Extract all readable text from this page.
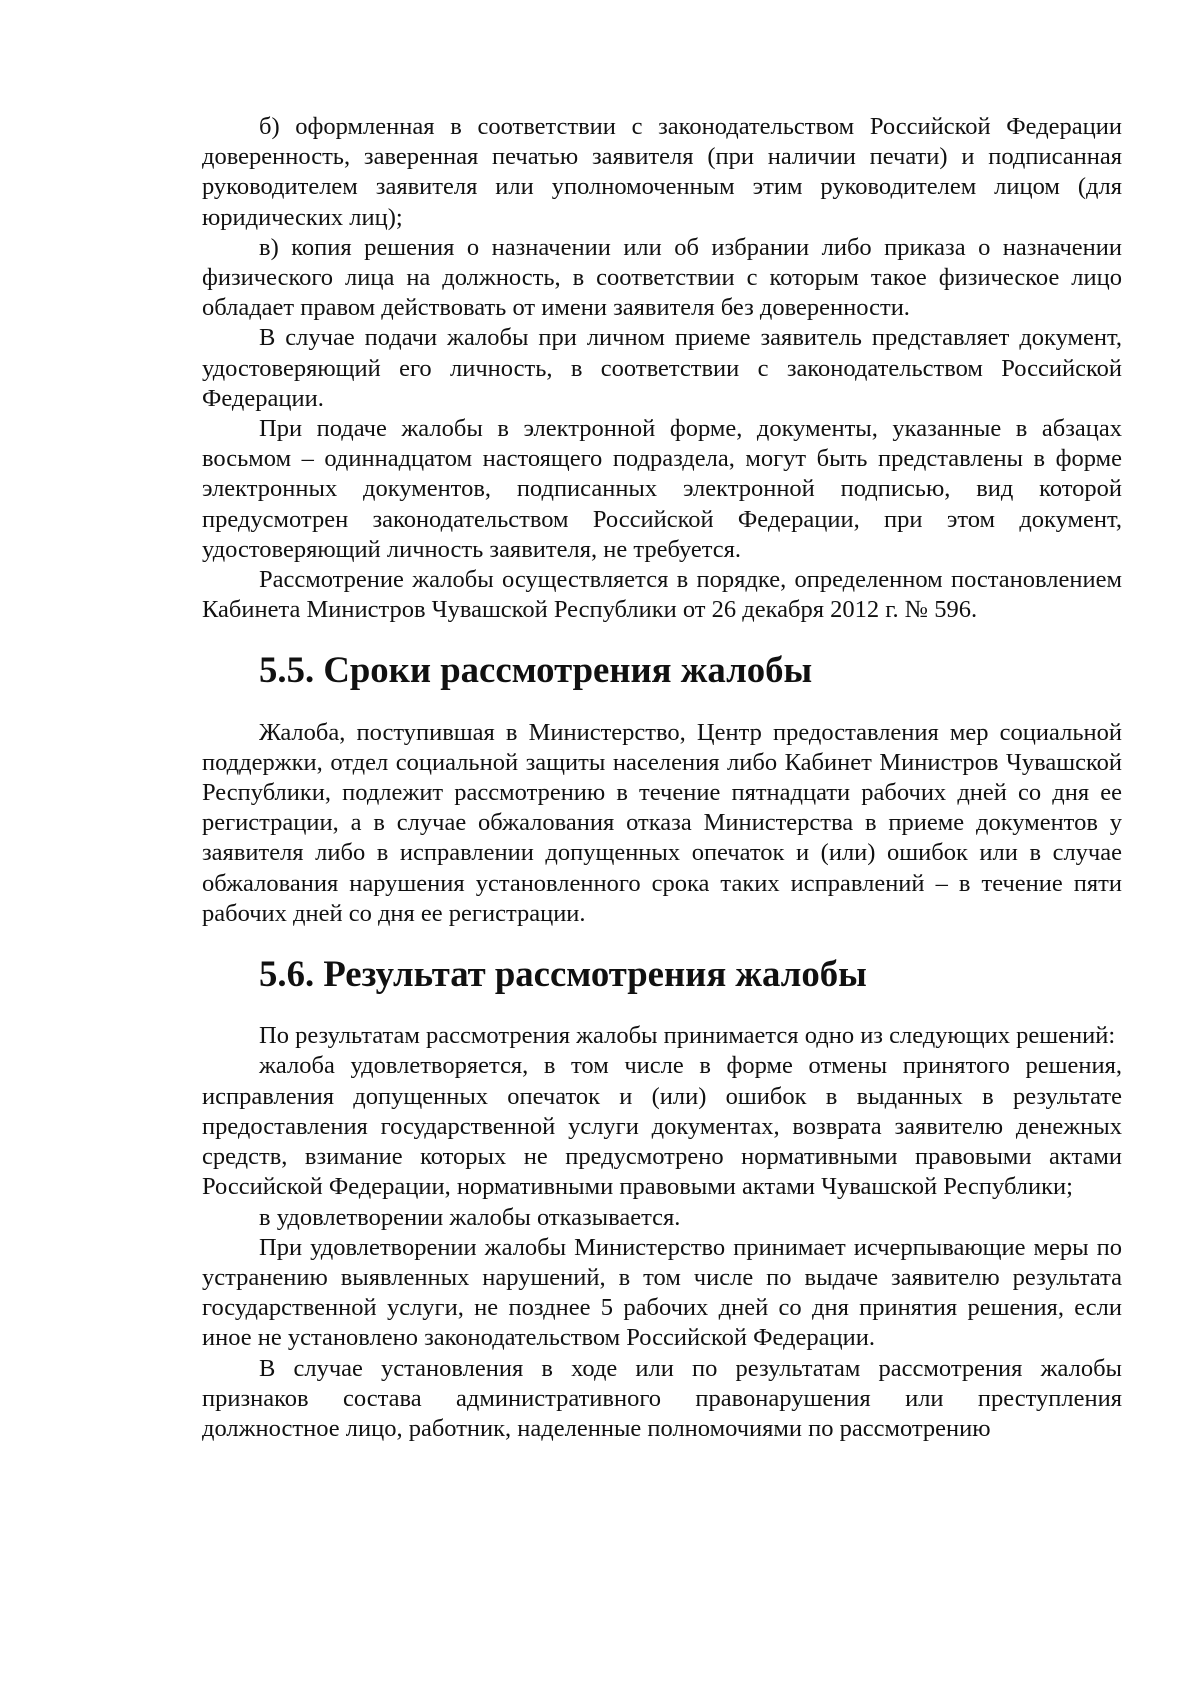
б) оформленная в соответствии с законодательством Российской Федерации доверенность, заверенная печатью заявителя (при наличии печати) и подписанная руководителем заявителя или уполномоченным этим руководителем лицом (для юридических лиц);

в) копия решения о назначении или об избрании либо приказа о назначении физического лица на должность, в соответствии с которым такое физическое лицо обладает правом действовать от имени заявителя без доверенности.

В случае подачи жалобы при личном приеме заявитель представляет документ, удостоверяющий его личность, в соответствии с законодательством Российской Федерации.

При подаче жалобы в электронной форме, документы, указанные в абзацах восьмом – одиннадцатом настоящего подраздела, могут быть представлены в форме электронных документов, подписанных электронной подписью, вид которой предусмотрен законодательством Российской Федерации, при этом документ, удостоверяющий личность заявителя, не требуется.

Рассмотрение жалобы осуществляется в порядке, определенном постановлением Кабинета Министров Чувашской Республики от 26 декабря 2012 г. № 596.

5.5. Сроки рассмотрения жалобы

Жалоба, поступившая в Министерство, Центр предоставления мер социальной поддержки, отдел социальной защиты населения либо Кабинет Министров Чувашской Республики, подлежит рассмотрению в течение пятнадцати рабочих дней со дня ее регистрации, а в случае обжалования отказа Министерства в приеме документов у заявителя либо в исправлении допущенных опечаток и (или) ошибок или в случае обжалования нарушения установленного срока таких исправлений – в течение пяти рабочих дней со дня ее регистрации.

5.6. Результат рассмотрения жалобы

По результатам рассмотрения жалобы принимается одно из следующих решений:

жалоба удовлетворяется, в том числе в форме отмены принятого решения, исправления допущенных опечаток и (или) ошибок в выданных в результате предоставления государственной услуги документах, возврата заявителю денежных средств, взимание которых не предусмотрено нормативными правовыми актами Российской Федерации, нормативными правовыми актами Чувашской Республики;

в удовлетворении жалобы отказывается.

При удовлетворении жалобы Министерство принимает исчерпывающие меры по устранению выявленных нарушений, в том числе по выдаче заявителю результата государственной услуги, не позднее 5 рабочих дней со дня принятия решения, если иное не установлено законодательством Российской Федерации.

В случае установления в ходе или по результатам рассмотрения жалобы признаков состава административного правонарушения или преступления должностное лицо, работник, наделенные полномочиями по рассмотрению
